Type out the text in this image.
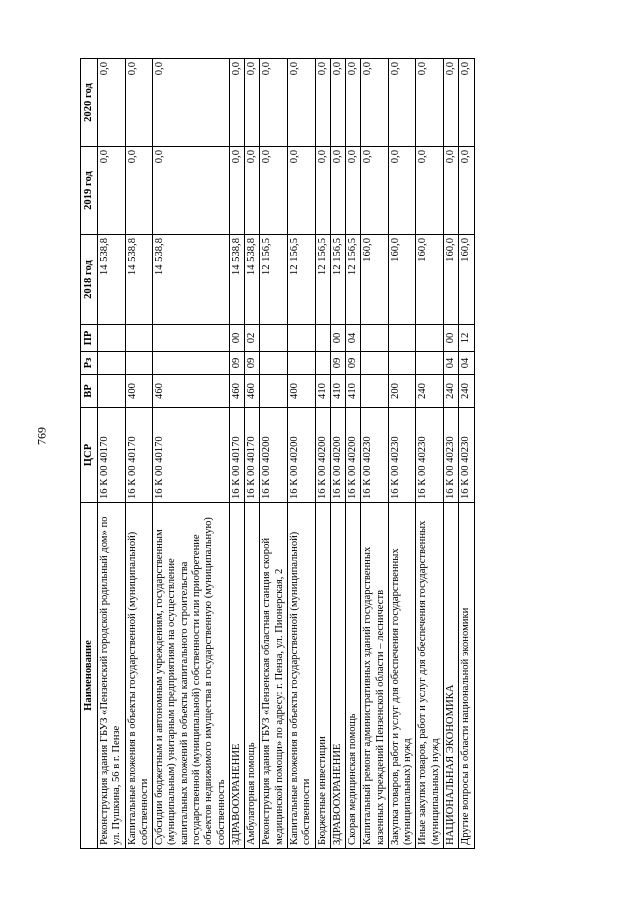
769
Наименование	ЦСР	ВР	Рз	ПР	2018 год	2019 год	2020 год
Реконструкция здания ГБУЗ «Пензенский городской родильный дом» по ул. Пушкина, 56 в г. Пензе	16 К 00 40170				14 538,8	0,0	0,0
Капитальные вложения в объекты государственной (муниципальной) собственности	16 К 00 40170	400			14 538,8	0,0	0,0
Субсидии бюджетным и автономным учреждениям, государственным (муниципальным) унитарным предприятиям на осуществление капитальных вложений в объекты капитального строительства государственной (муниципальной) собственности или приобретение объектов недвижимого имущества в государственную (муниципальную) собственность	16 К 00 40170	460			14 538,8	0,0	0,0
ЗДРАВООХРАНЕНИЕ	16 К 00 40170	460	09	00	14 538,8	0,0	0,0
Амбулаторная помощь	16 К 00 40170	460	09	02	14 538,8	0,0	0,0
Реконструкция здания ГБУЗ «Пензенская областная станция скорой медицинской помощи» по адресу: г. Пенза, ул. Пионерская, 2	16 К 00 40200				12 156,5	0,0	0,0
Капитальные вложения в объекты государственной (муниципальной) собственности	16 К 00 40200	400			12 156,5	0,0	0,0
Бюджетные инвестиции	16 К 00 40200	410			12 156,5	0,0	0,0
ЗДРАВООХРАНЕНИЕ	16 К 00 40200	410	09	00	12 156,5	0,0	0,0
Скорая медицинская помощь	16 К 00 40200	410	09	04	12 156,5	0,0	0,0
Капитальный ремонт административных зданий государственных казенных учреждений Пензенской области – лесничеств	16 К 00 40230				160,0	0,0	0,0
Закупка товаров, работ и услуг для обеспечения государственных (муниципальных) нужд	16 К 00 40230	200			160,0	0,0	0,0
Иные закупки товаров, работ и услуг для обеспечения государственных (муниципальных) нужд	16 К 00 40230	240			160,0	0,0	0,0
НАЦИОНАЛЬНАЯ ЭКОНОМИКА	16 К 00 40230	240	04	00	160,0	0,0	0,0
Другие вопросы в области национальной экономики	16 К 00 40230	240	04	12	160,0	0,0	0,0
